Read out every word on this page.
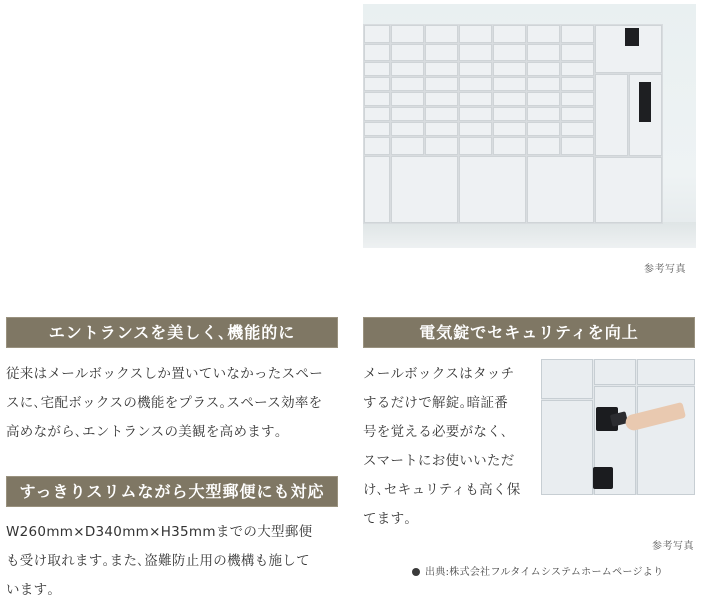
参考写真
エントランスを美しく､機能的に
従来はメールボックスしか置いていなかったスペー
スに､宅配ボックスの機能をプラス｡スペース効率を
高めながら､エントランスの美観を高めます｡
すっきりスリムながら大型郵便にも対応
W260mm×D340mm×H35mmまでの大型郵便
も受け取れます｡また､盗難防止用の機構も施して
います｡
電気錠でセキュリティを向上
メールボックスはタッチ
するだけで解錠｡暗証番
号を覚える必要がなく､
スマートにお使いいただ
け､セキュリティも高く保
てます｡
参考写真
出典:株式会社フルタイムシステムホームページより
